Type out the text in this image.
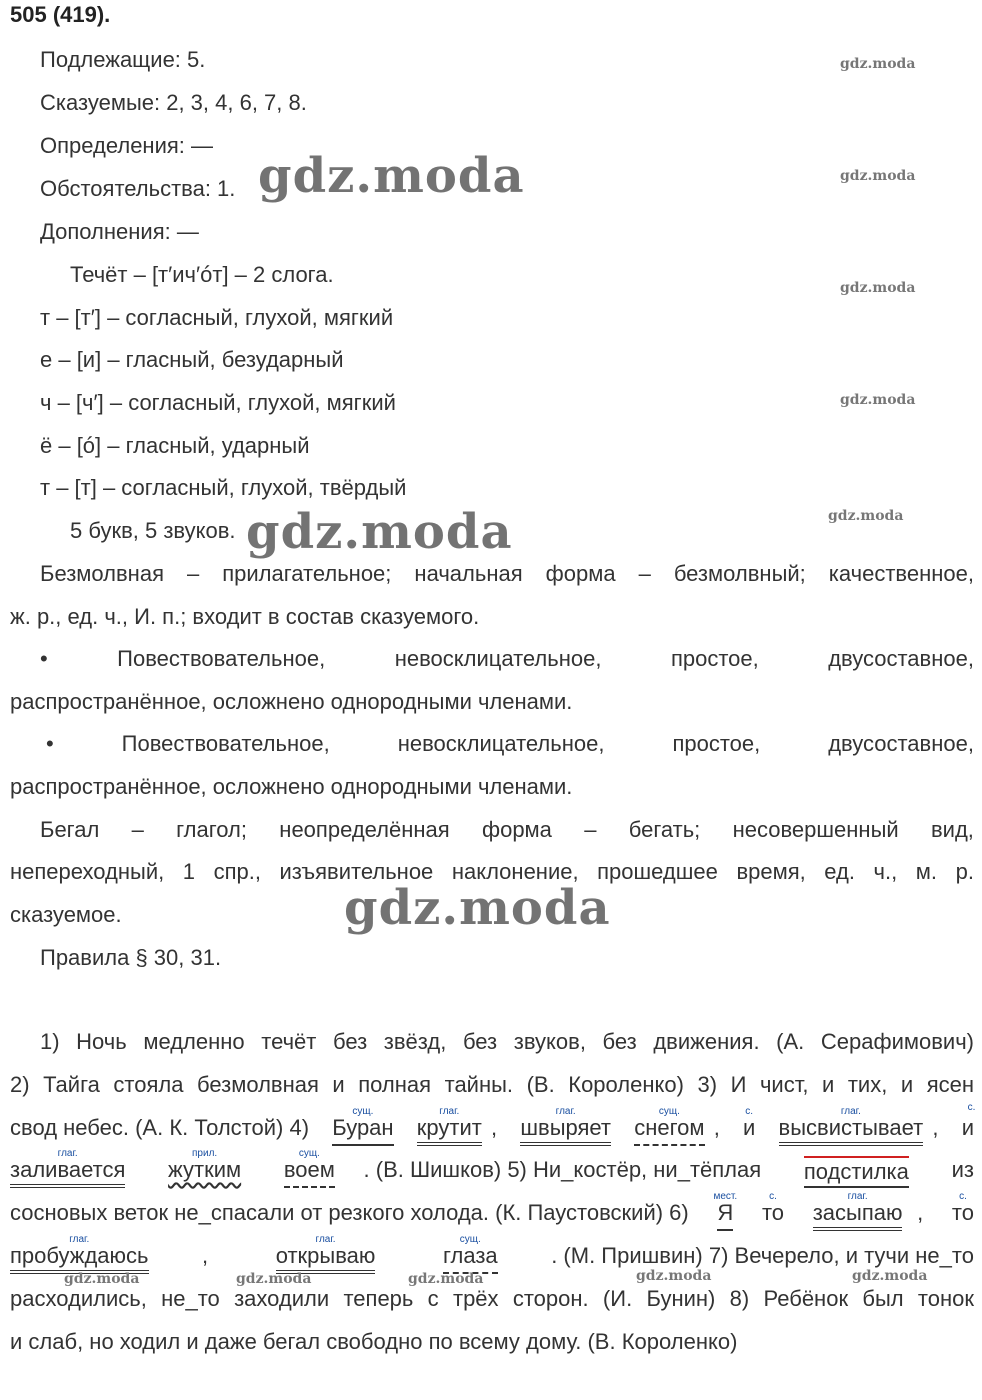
505 (419).
Подлежащие: 5.
Сказуемые: 2, 3, 4, 6, 7, 8.
Определения: —
Обстоятельства: 1.
Дополнения: —
Течёт – [т′ич′óт] – 2 слога.
т – [т′] – согласный, глухой, мягкий
е – [и] – гласный, безударный
ч – [ч′] – согласный, глухой, мягкий
ё – [ó] – гласный, ударный
т – [т] – согласный, глухой, твёрдый
5 букв, 5 звуков.
Безмолвная – прилагательное; начальная форма – безмолвный; качественное,
ж. р., ед. ч., И. п.; входит в состав сказуемого.
•	Повествовательное,	невосклицательное,	простое,	двусоставное,
распространённое, осложнено однородными членами.
•	Повествовательное,	невосклицательное,	простое,	двусоставное,
распространённое, осложнено однородными членами.
Бегал – глагол; неопределённая форма – бегать; несовершенный вид,
непереходный, 1 спр., изъявительное наклонение, прошедшее время, ед. ч., м. р.
сказуемое.
Правила § 30, 31.
1) Ночь медленно течёт без звёзд, без звуков, без движения. (А. Серафимович)
2) Тайга стояла безмолвная и полная тайны. (В. Короленко) 3) И чист, и тих, и ясен
свод небес. (А. К. Толстой) 4)
сущ.
Буран
глаг.
крутит ,
глаг.
швыряет
сущ.
снегом ,
с.
и
глаг.
высвистывает ,
с.
и
глаг.
заливается
прил.
жутким
сущ.
воем . (В. Шишков) 5) Ни_костёр, ни_тёплая подстилка из
сосновых веток не_спасали от резкого холода. (К. Паустовский) 6)
мест.
Я
с.
то
глаг.
засыпаю ,
с.
то
глаг.
пробуждаюсь ,
глаг.
открываю
сущ.
глаза . (М. Пришвин) 7) Вечерело, и тучи не_то
расходились, не_то заходили теперь с трёх сторон. (И. Бунин) 8) Ребёнок был тонок
и слаб, но ходил и даже бегал свободно по всему дому. (В. Короленко)
gdz.moda
gdz.moda
gdz.moda
gdz.moda
gdz.moda
gdz.moda
gdz.moda
gdz.moda
gdz.moda	gdz.moda	gdz.moda	gdz.moda	gdz.moda
